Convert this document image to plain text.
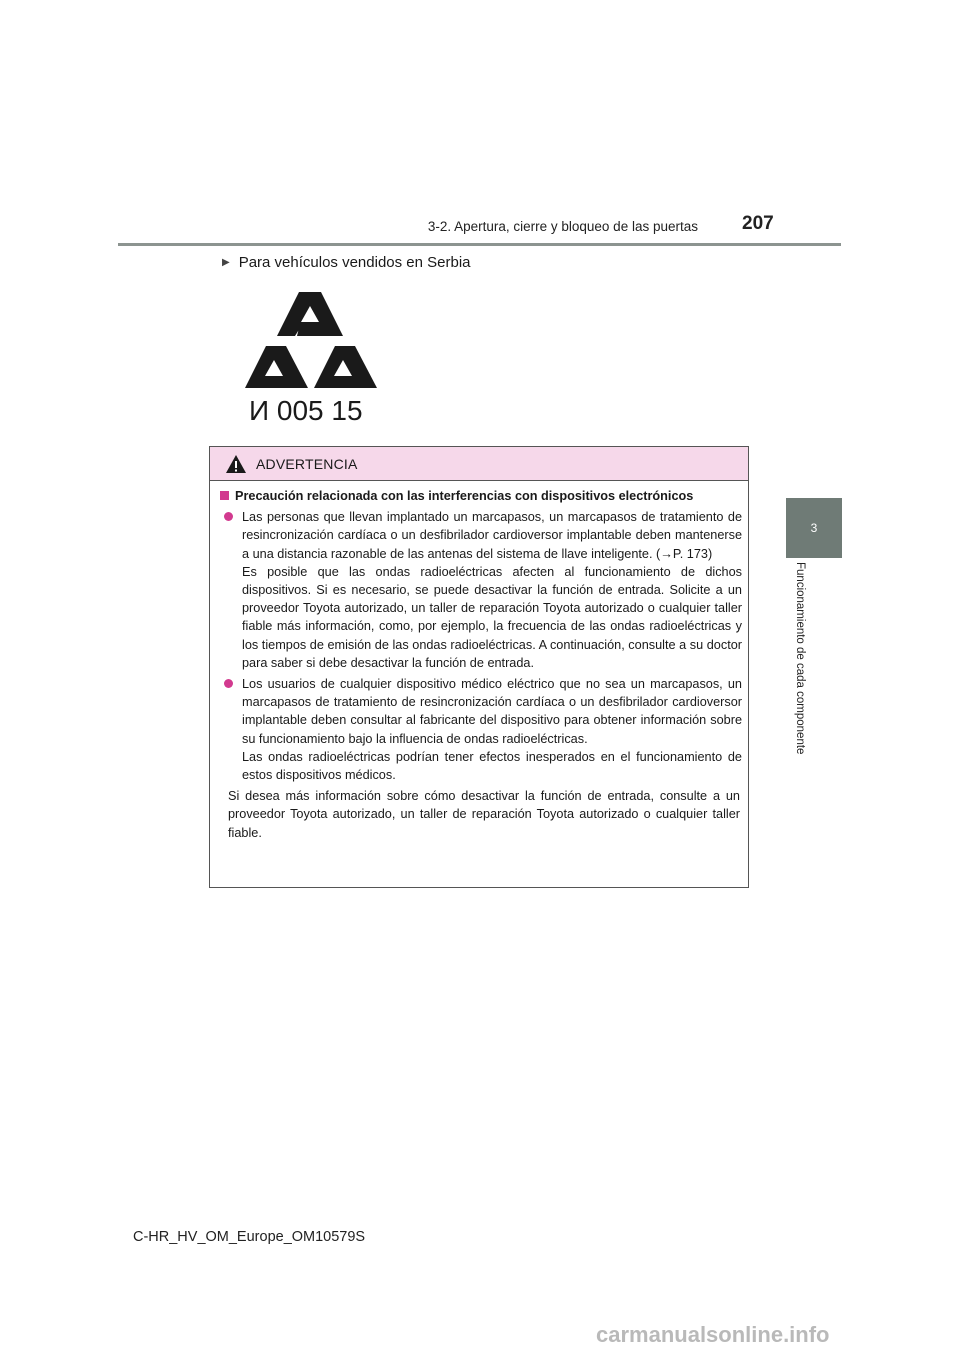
3-2. Apertura, cierre y bloqueo de las puertas 207
3
Funcionamiento de cada componente
▶ Para vehículos vendidos en Serbia
И 005 15
ADVERTENCIA
Precaución relacionada con las interferencias con dispositivos electrónicos

Las personas que llevan implantado un marcapasos, un marcapasos de tratamiento de resincronización cardíaca o un desfibrilador cardioversor implantable deben mantenerse a una distancia razonable de las antenas del sistema de llave inteligente. (→P. 173)

Es posible que las ondas radioeléctricas afecten al funcionamiento de dichos dispositivos. Si es necesario, se puede desactivar la función de entrada. Solicite a un proveedor Toyota autorizado, un taller de reparación Toyota autorizado o cualquier taller fiable más información, como, por ejemplo, la frecuencia de las ondas radioeléctricas y los tiempos de emisión de las ondas radioeléctricas. A continuación, consulte a su doctor para saber si debe desactivar la función de entrada.

Los usuarios de cualquier dispositivo médico eléctrico que no sea un marcapasos, un marcapasos de tratamiento de resincronización cardíaca o un desfibrilador cardioversor implantable deben consultar al fabricante del dispositivo para obtener información sobre su funcionamiento bajo la influencia de ondas radioeléctricas.

Las ondas radioeléctricas podrían tener efectos inesperados en el funcionamiento de estos dispositivos médicos.

Si desea más información sobre cómo desactivar la función de entrada, consulte a un proveedor Toyota autorizado, un taller de reparación Toyota autorizado o cualquier taller fiable.

C-HR_HV_OM_Europe_OM10579S
carmanualsonline.info
